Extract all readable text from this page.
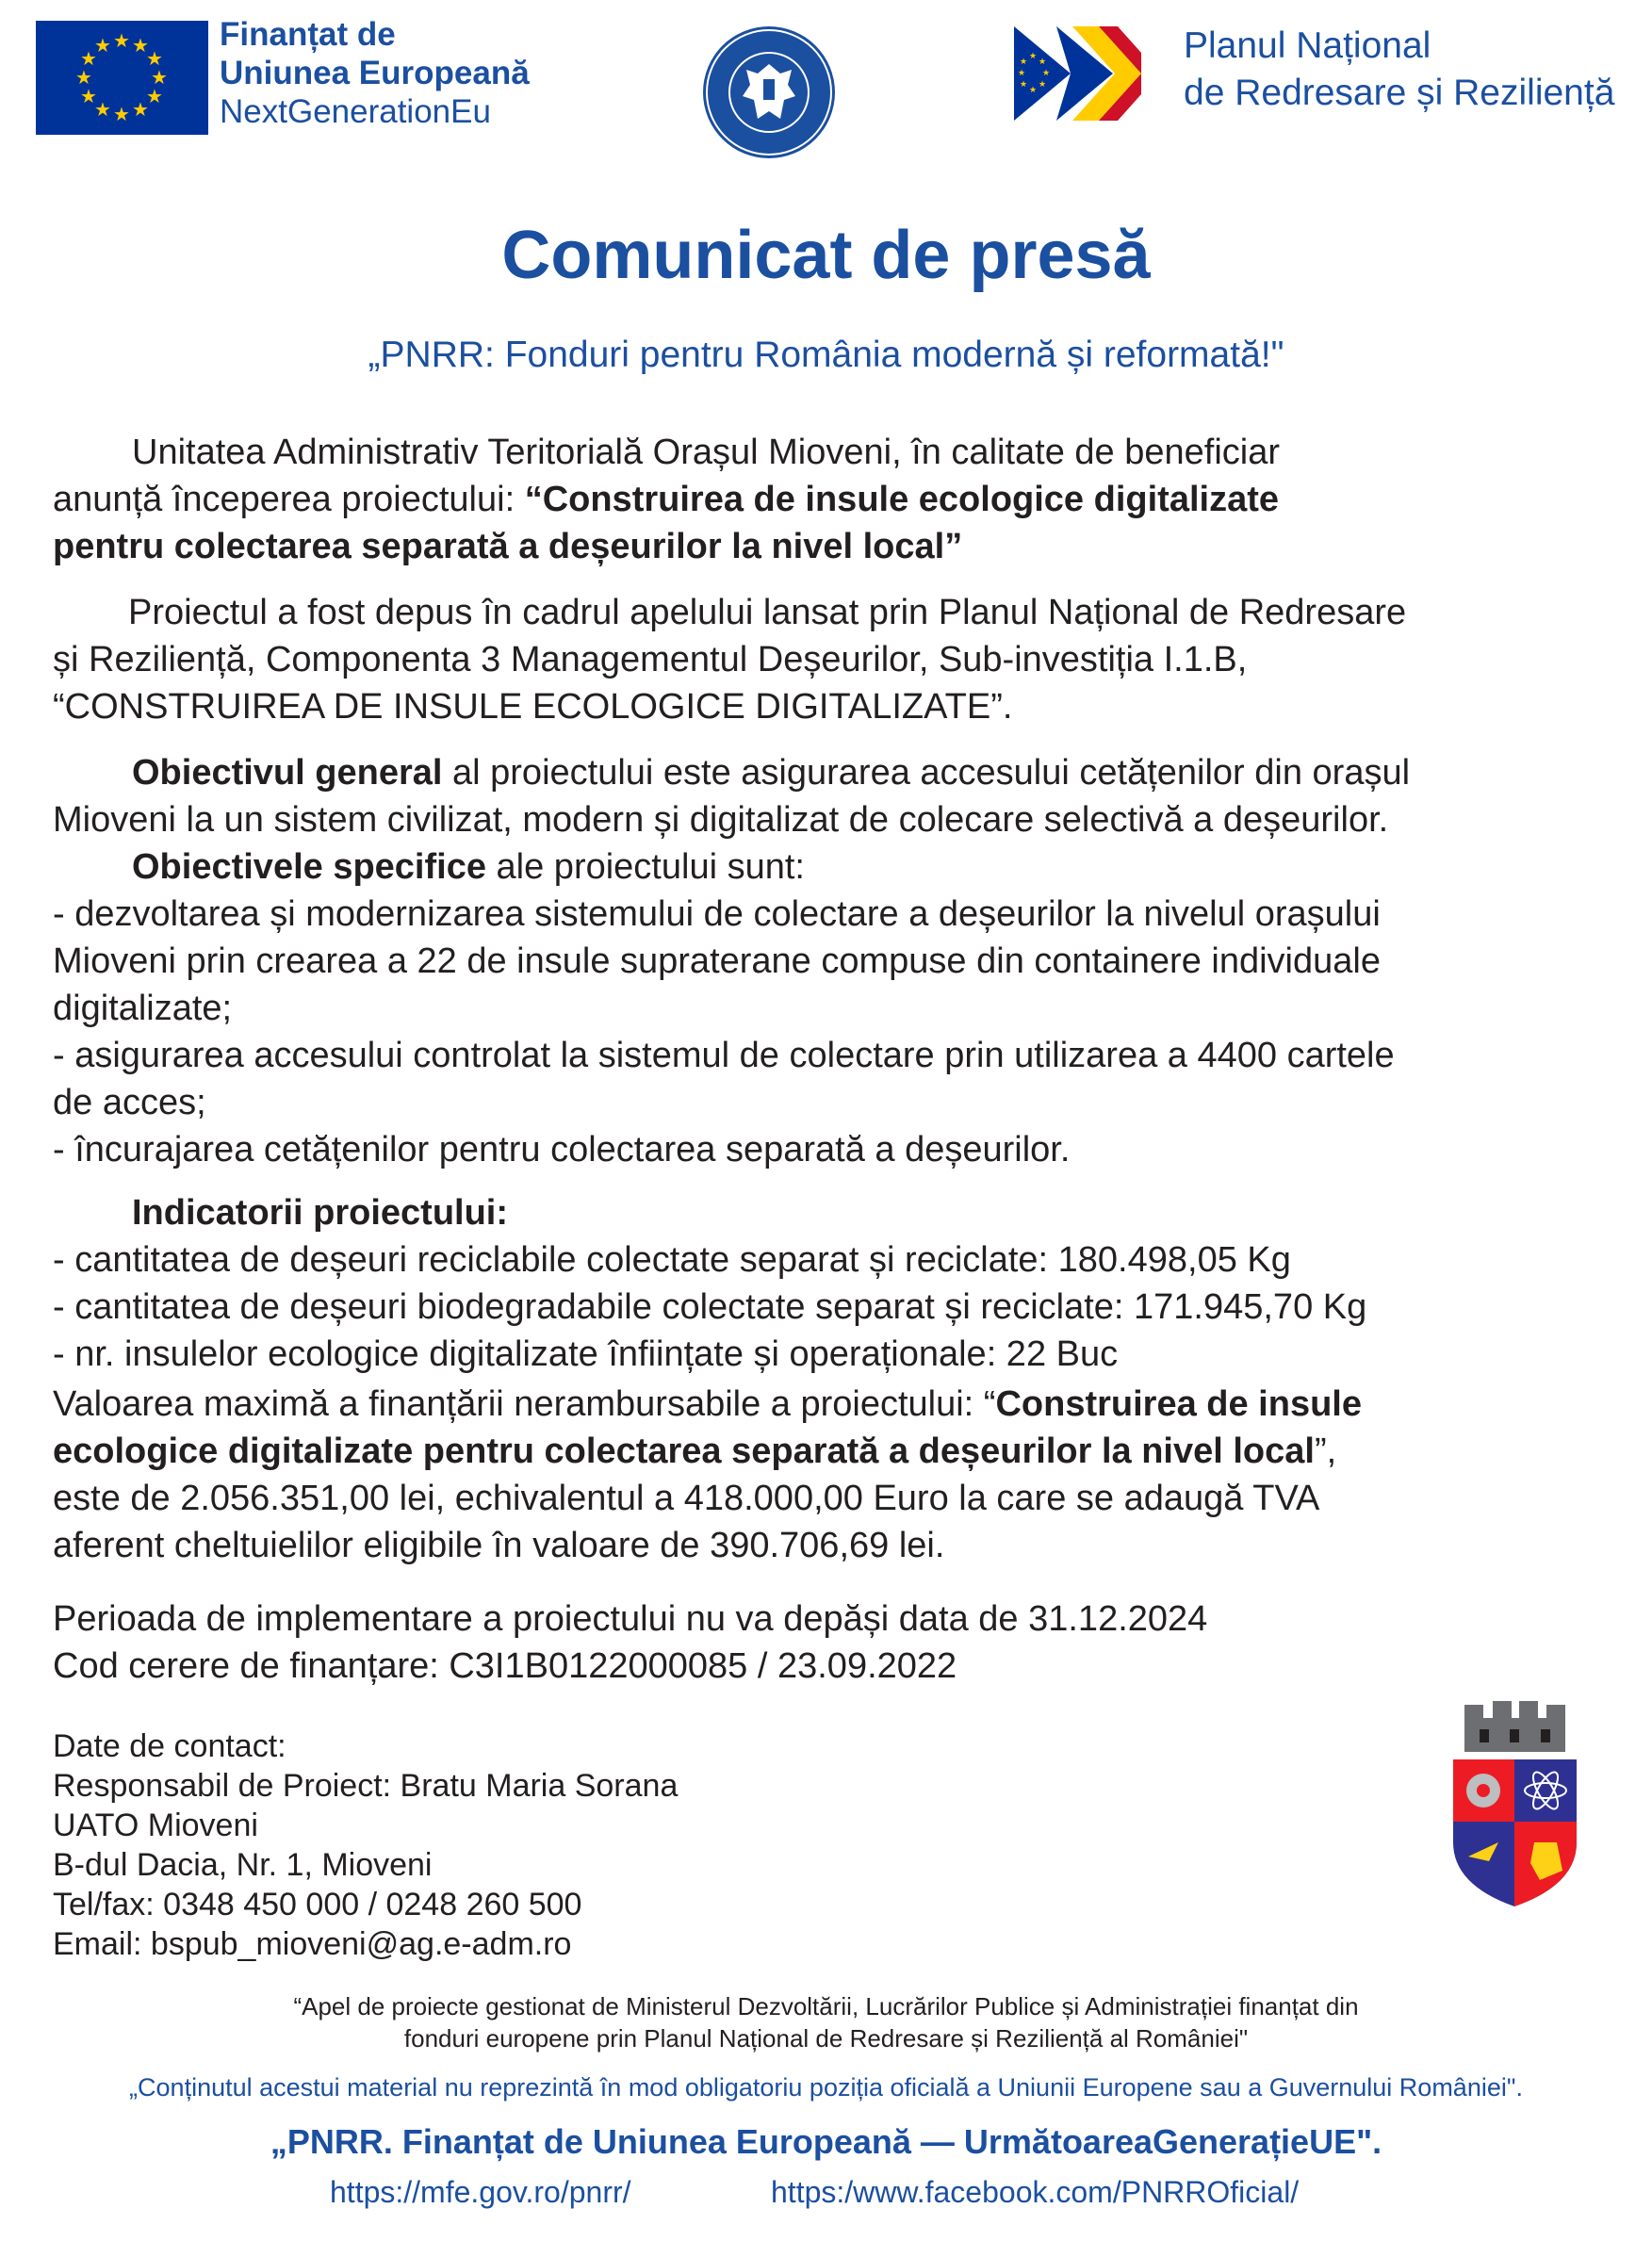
★ ★
★
★
★
★
★
★
★
★
★
★	Finanțat de
Uniunea Europeană
NextGenerationEu
★
★
★
★
★
★
★
★	Planul Național
de Redresare și Reziliență
Comunicat de presă
„PNRR: Fonduri pentru România modernă și reformată!"
Unitatea Administrativ Teritorială Orașul Mioveni, în calitate de beneficiar
anunță începerea proiectului: “Construirea de insule ecologice digitalizate
pentru colectarea separată a deșeurilor la nivel local”
Proiectul a fost depus în cadrul apelului lansat prin Planul Național de Redresare
și Reziliență, Componenta 3 Managementul Deșeurilor, Sub-investiția I.1.B,
“CONSTRUIREA DE INSULE ECOLOGICE DIGITALIZATE”.
Obiectivul general al proiectului este asigurarea accesului cetățenilor din orașul
Mioveni la un sistem civilizat, modern și digitalizat de colecare selectivă a deșeurilor.
Obiectivele specifice ale proiectului sunt:
- dezvoltarea și modernizarea sistemului de colectare a deșeurilor la nivelul orașului
Mioveni prin crearea a 22 de insule supraterane compuse din containere individuale
digitalizate;
- asigurarea accesului controlat la sistemul de colectare prin utilizarea a 4400 cartele
de acces;
- încurajarea cetățenilor pentru colectarea separată a deșeurilor.
Indicatorii proiectului:
- cantitatea de deșeuri reciclabile colectate separat și reciclate: 180.498,05 Kg
- cantitatea de deșeuri biodegradabile colectate separat și reciclate: 171.945,70 Kg
- nr. insulelor ecologice digitalizate înființate și operaționale: 22 Buc
Valoarea maximă a finanțării nerambursabile a proiectului: “Construirea de insule
ecologice digitalizate pentru colectarea separată a deșeurilor la nivel local”,
este de 2.056.351,00 lei, echivalentul a 418.000,00 Euro la care se adaugă TVA
aferent cheltuielilor eligibile în valoare de 390.706,69 lei.
Perioada de implementare a proiectului nu va depăși data de 31.12.2024
Cod cerere de finanțare: C3I1B0122000085 / 23.09.2022
Date de contact:
Responsabil de Proiect: Bratu Maria Sorana
UATO Mioveni
B-dul Dacia, Nr. 1, Mioveni
Tel/fax: 0348 450 000 / 0248 260 500
Email: bspub_mioveni@ag.e-adm.ro
“Apel de proiecte gestionat de Ministerul Dezvoltării, Lucrărilor Publice și Administrației finanțat din
fonduri europene prin Planul Național de Redresare și Reziliență al României"
„Conținutul acestui material nu reprezintă în mod obligatoriu poziția oficială a Uniunii Europene sau a Guvernului României".
„PNRR. Finanțat de Uniunea Europeană — UrmătoareaGenerațieUE".
https://mfe.gov.ro/pnrr/	https:/www.facebook.com/PNRROficial/
